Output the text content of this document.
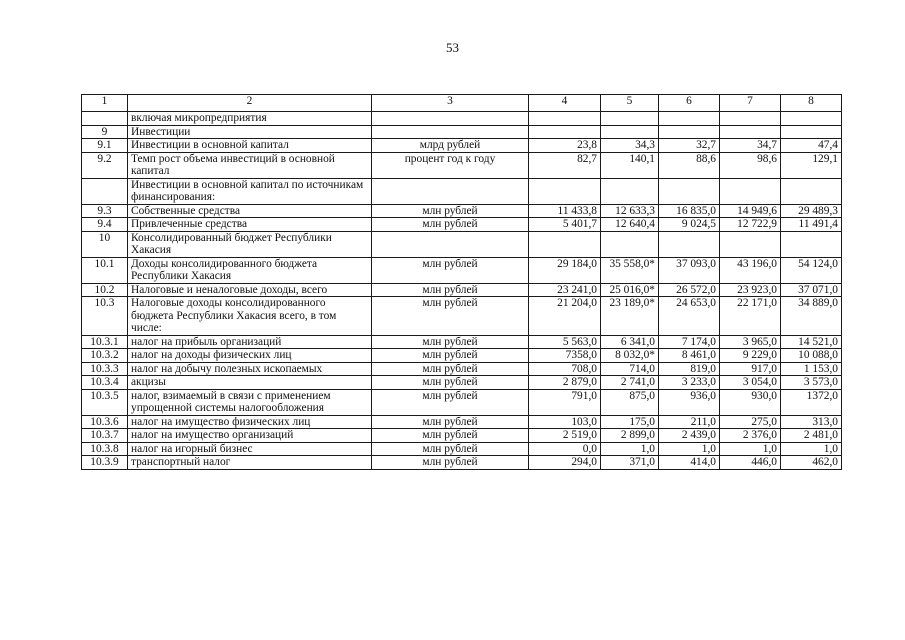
53
1	2	3	4	5	6	7	8
	включая микропредприятия						
9	Инвестиции						
9.1	Инвестиции в основной капитал	млрд рублей	23,8	34,3	32,7	34,7	47,4
9.2	Темп рост объема инвестиций в основной капитал	процент год к году	82,7	140,1	88,6	98,6	129,1
	Инвестиции в основной капитал по источникам финансирования:						
9.3	Собственные средства	млн рублей	11 433,8	12 633,3	16 835,0	14 949,6	29 489,3
9.4	Привлеченные средства	млн рублей	5 401,7	12 640,4	9 024,5	12 722,9	11 491,4
10	Консолидированный бюджет Республики Хакасия						
10.1	Доходы консолидированного бюджета Республики Хакасия	млн рублей	29 184,0	35 558,0*	37 093,0	43 196,0	54 124,0
10.2	Налоговые и неналоговые доходы, всего	млн рублей	23 241,0	25 016,0*	26 572,0	23 923,0	37 071,0
10.3	Налоговые доходы консолидированного бюджета Республики Хакасия всего, в том числе:	млн рублей	21 204,0	23 189,0*	24 653,0	22 171,0	34 889,0
10.3.1	налог на прибыль организаций	млн рублей	5 563,0	6 341,0	7 174,0	3 965,0	14 521,0
10.3.2	налог на доходы физических лиц	млн рублей	7358,0	8 032,0*	8 461,0	9 229,0	10 088,0
10.3.3	налог на добычу полезных ископаемых	млн рублей	708,0	714,0	819,0	917,0	1 153,0
10.3.4	акцизы	млн рублей	2 879,0	2 741,0	3 233,0	3 054,0	3 573,0
10.3.5	налог, взимаемый в связи с применением упрощенной системы налогообложения	млн рублей	791,0	875,0	936,0	930,0	1372,0
10.3.6	налог на имущество физических лиц	млн рублей	103,0	175,0	211,0	275,0	313,0
10.3.7	налог на имущество организаций	млн рублей	2 519,0	2 899,0	2 439,0	2 376,0	2 481,0
10.3.8	налог на игорный бизнес	млн рублей	0,0	1,0	1,0	1,0	1,0
10.3.9	транспортный налог	млн рублей	294,0	371,0	414,0	446,0	462,0
